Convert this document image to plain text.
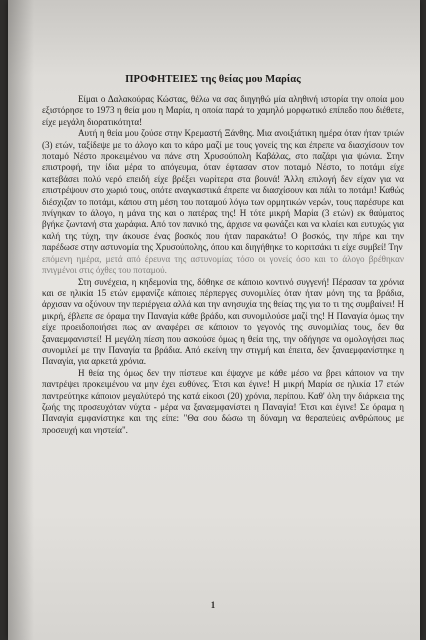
ΠΡΟΦΗΤΕΙΕΣ της θείας μου Μαρίας

Είμαι ο Δαλακούρας Κώστας, θέλω να σας διηγηθώ μία αληθινή ιστορία την οποία μου εξιστόρησε το 1973 η θεία μου η Μαρία, η οποία παρά το χαμηλό μορφωτικό επίπεδο που διέθετε, είχε μεγάλη διορατικότητα!

Αυτή η θεία μου ζούσε στην Κρεμαστή Ξάνθης. Μια ανοιξιάτικη ημέρα όταν ήταν τριών (3) ετών, ταξίδεψε με το άλογο και το κάρο μαζί με τους γονείς της και έπρεπε να διασχίσουν τον ποταμό Νέστο προκειμένου να πάνε στη Χρυσούπολη Καβάλας, στο παζάρι για ψώνια. Στην επιστροφή, την ίδια μέρα το απόγευμα, όταν έφτασαν στον ποταμό Νέστο, το ποτάμι είχε κατεβάσει πολύ νερό επειδή είχε βρέξει νωρίτερα στα βουνά! Άλλη επιλογή δεν είχαν για να επιστρέψουν στο χωριό τους, οπότε αναγκαστικά έπρεπε να διασχίσουν και πάλι το ποτάμι! Καθώς διέσχιζαν το ποτάμι, κάπου στη μέση του ποταμού λόγω των ορμητικών νερών, τους παρέσυρε και πνίγηκαν το άλογο, η μάνα της και ο πατέρας της! Η τότε μικρή Μαρία (3 ετών) εκ θαύματος βγήκε ζωντανή στα χωράφια. Από τον πανικό της, άρχισε να φωνάζει και να κλαίει και ευτυχώς για καλή της τύχη, την άκουσε ένας βοσκός που ήταν παρακάτω! Ο βοσκός, την πήρε και την παρέδωσε στην αστυνομία της Χρυσούπολης, όπου και διηγήθηκε το κοριτσάκι τι είχε συμβεί! Την

επόμενη ημέρα, μετά από έρευνα της αστυνομίας τόσο οι γονείς όσο και το άλογο βρέθηκαν πνιγμένοι στις όχθες του ποταμού.

Στη συνέχεια, η κηδεμονία της, δόθηκε σε κάποιο κοντινό συγγενή! Πέρασαν τα χρόνια και σε ηλικία 15 ετών εμφανίζε κάποιες πέρπεργες συνομιλίες όταν ήταν μόνη της τα βράδια, άρχισαν να οξύνουν την περιέργεια αλλά και την ανησυχία της θείας της για το τι της συμβαίνει! Η μικρή, έβλεπε σε όραμα την Παναγία κάθε βράδυ, και συνομιλούσε μαζί της! Η Παναγία όμως την είχε προειδοποιήσει πως αν αναφέρει σε κάποιον το γεγονός της συνομιλίας τους, δεν θα ξαναεμφανιστεί! Η μεγάλη πίεση που ασκούσε όμως η θεία της, την οδήγησε να ομολογήσει πως συνομιλεί με την Παναγία τα βράδια. Από εκείνη την στιγμή και έπειτα, δεν ξαναεμφανίστηκε η Παναγία, για αρκετά χρόνια.

Η θεία της όμως δεν την πίστευε και έψαχνε με κάθε μέσο να βρει κάποιον να την παντρέψει προκειμένου να μην έχει ευθύνες. Έτσι και έγινε! Η μικρή Μαρία σε ηλικία 17 ετών παντρεύτηκε κάποιον μεγαλύτερό της κατά είκοσι (20) χρόνια, περίπου. Καθ' όλη την διάρκεια της ζωής της προσευχόταν νύχτα - μέρα να ξαναεμφανίστει η Παναγία! Έτσι και έγινε! Σε όραμα η Παναγία εμφανίστηκε και της είπε: "Θα σου δώσω τη δύναμη να θεραπεύεις ανθρώπους με προσευχή και νηστεία".

1
